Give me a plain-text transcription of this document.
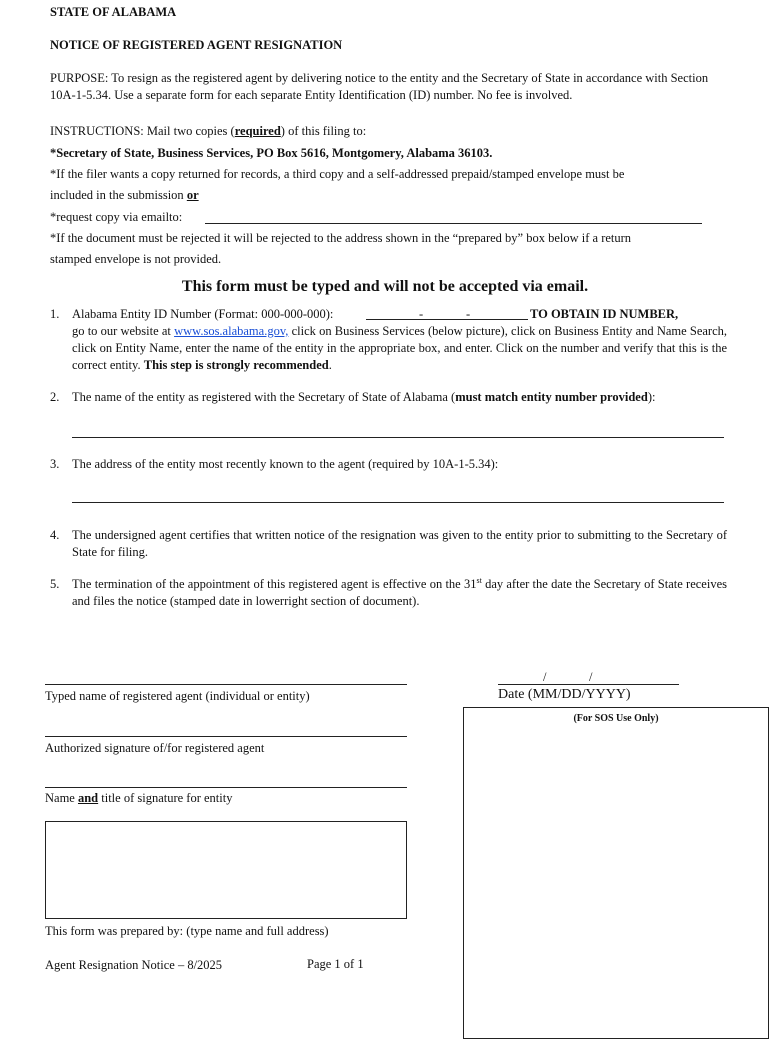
STATE OF ALABAMA
NOTICE OF REGISTERED AGENT RESIGNATION
PURPOSE: To resign as the registered agent by delivering notice to the entity and the Secretary of State in accordance with Section 10A-1-5.34. Use a separate form for each separate Entity Identification (ID) number. No fee is involved.
INSTRUCTIONS: Mail two copies (required) of this filing to:
*Secretary of State, Business Services, PO Box 5616, Montgomery, Alabama 36103.
*If the filer wants a copy returned for records, a third copy and a self-addressed prepaid/stamped envelope must be
included in the submission or
*request copy via emailto:
*If the document must be rejected it will be rejected to the address shown in the “prepared by” box below if a return
stamped envelope is not provided.
This form must be typed and will not be accepted via email.
1.	Alabama Entity ID Number (Format: 000-000-000):	-	-	TO OBTAIN ID NUMBER,
go to our website at www.sos.alabama.gov, click on Business Services (below picture), click on Business Entity and Name Search, click on Entity Name, enter the name of the entity in the appropriate box, and enter. Click on the number and verify that this is the correct entity. This step is strongly recommended.
2.	The name of the entity as registered with the Secretary of State of Alabama (must match entity number provided):
3.	The address of the entity most recently known to the agent (required by 10A-1-5.34):
4.	The undersigned agent certifies that written notice of the resignation was given to the entity prior to submitting to the Secretary of State for filing.
5.	The termination of the appointment of this registered agent is effective on the 31st day after the date the Secretary of State receives and files the notice (stamped date in lowerright section of document).
Typed name of registered agent (individual or entity)
/	/
Date (MM/DD/YYYY)
Authorized signature of/for registered agent
Name and title of signature for entity
This form was prepared by: (type name and full address)
(For SOS Use Only)
Agent Resignation Notice – 8/2025	Page 1 of 1
